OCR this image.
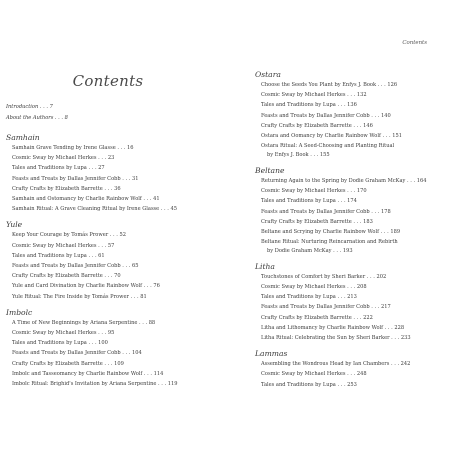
Contents
Contents
Introduction . . . 7
About the Authors . . . 8
Samhain
Samhain Grave Tending by Irene Glasse . . . 16
Cosmic Sway by Michael Herkes . . . 23
Tales and Traditions by Lupa . . . 27
Feasts and Treats by Dallas Jennifer Cobb . . . 31
Crafty Crafts by Elizabeth Barrette . . . 36
Samhain and Ostomancy by Charlie Rainbow Wolf . . . 41
Samhain Ritual: A Grave Cleaning Ritual by Irene Glasse . . . 45
Yule
Keep Your Courage by Tomás Prower . . . 52
Cosmic Sway by Michael Herkes . . . 57
Tales and Traditions by Lupa . . . 61
Feasts and Treats by Dallas Jennifer Cobb . . . 65
Crafty Crafts by Elizabeth Barrette . . . 70
Yule and Card Divination by Charlie Rainbow Wolf . . . 76
Yule Ritual: The Fire Inside by Tomás Prower . . . 81
Imbolc
A Time of New Beginnings by Ariana Serpentine . . . 88
Cosmic Sway by Michael Herkes . . . 95
Tales and Traditions by Lupa . . . 100
Feasts and Treats by Dallas Jennifer Cobb . . . 104
Crafty Crafts by Elizabeth Barrette . . . 109
Imbolc and Tasseomancy by Charlie Rainbow Wolf . . . 114
Imbolc Ritual: Brighid's Invitation by Ariana Serpentine . . . 119
Ostara
Choose the Seeds You Plant by Enfys J. Book . . . 126
Cosmic Sway by Michael Herkes . . . 132
Tales and Traditions by Lupa . . . 136
Feasts and Treats by Dallas Jennifer Cobb . . . 140
Crafty Crafts by Elizabeth Barrette . . . 146
Ostara and Oomancy by Charlie Rainbow Wolf . . . 151
Ostara Ritual: A Seed-Choosing and Planting Ritual
by Enfys J. Book . . . 155
Beltane
Returning Again to the Spring by Dodie Graham McKay . . . 164
Cosmic Sway by Michael Herkes . . . 170
Tales and Traditions by Lupa . . . 174
Feasts and Treats by Dallas Jennifer Cobb . . . 178
Crafty Crafts by Elizabeth Barrette . . . 183
Beltane and Scrying by Charlie Rainbow Wolf . . . 189
Beltane Ritual: Nurturing Reincarnation and Rebirth
by Dodie Graham McKay . . . 193
Litha
Touchstones of Comfort by Sheri Barker . . . 202
Cosmic Sway by Michael Herkes . . . 208
Tales and Traditions by Lupa . . . 213
Feasts and Treats by Dallas Jennifer Cobb . . . 217
Crafty Crafts by Elizabeth Barrette . . . 222
Litha and Lithomancy by Charlie Rainbow Wolf . . . 228
Litha Ritual: Celebrating the Sun by Sheri Barker . . . 233
Lammas
Assembling the Wondrous Head by Ian Chambers . . . 242
Cosmic Sway by Michael Herkes . . . 248
Tales and Traditions by Lupa . . . 253
